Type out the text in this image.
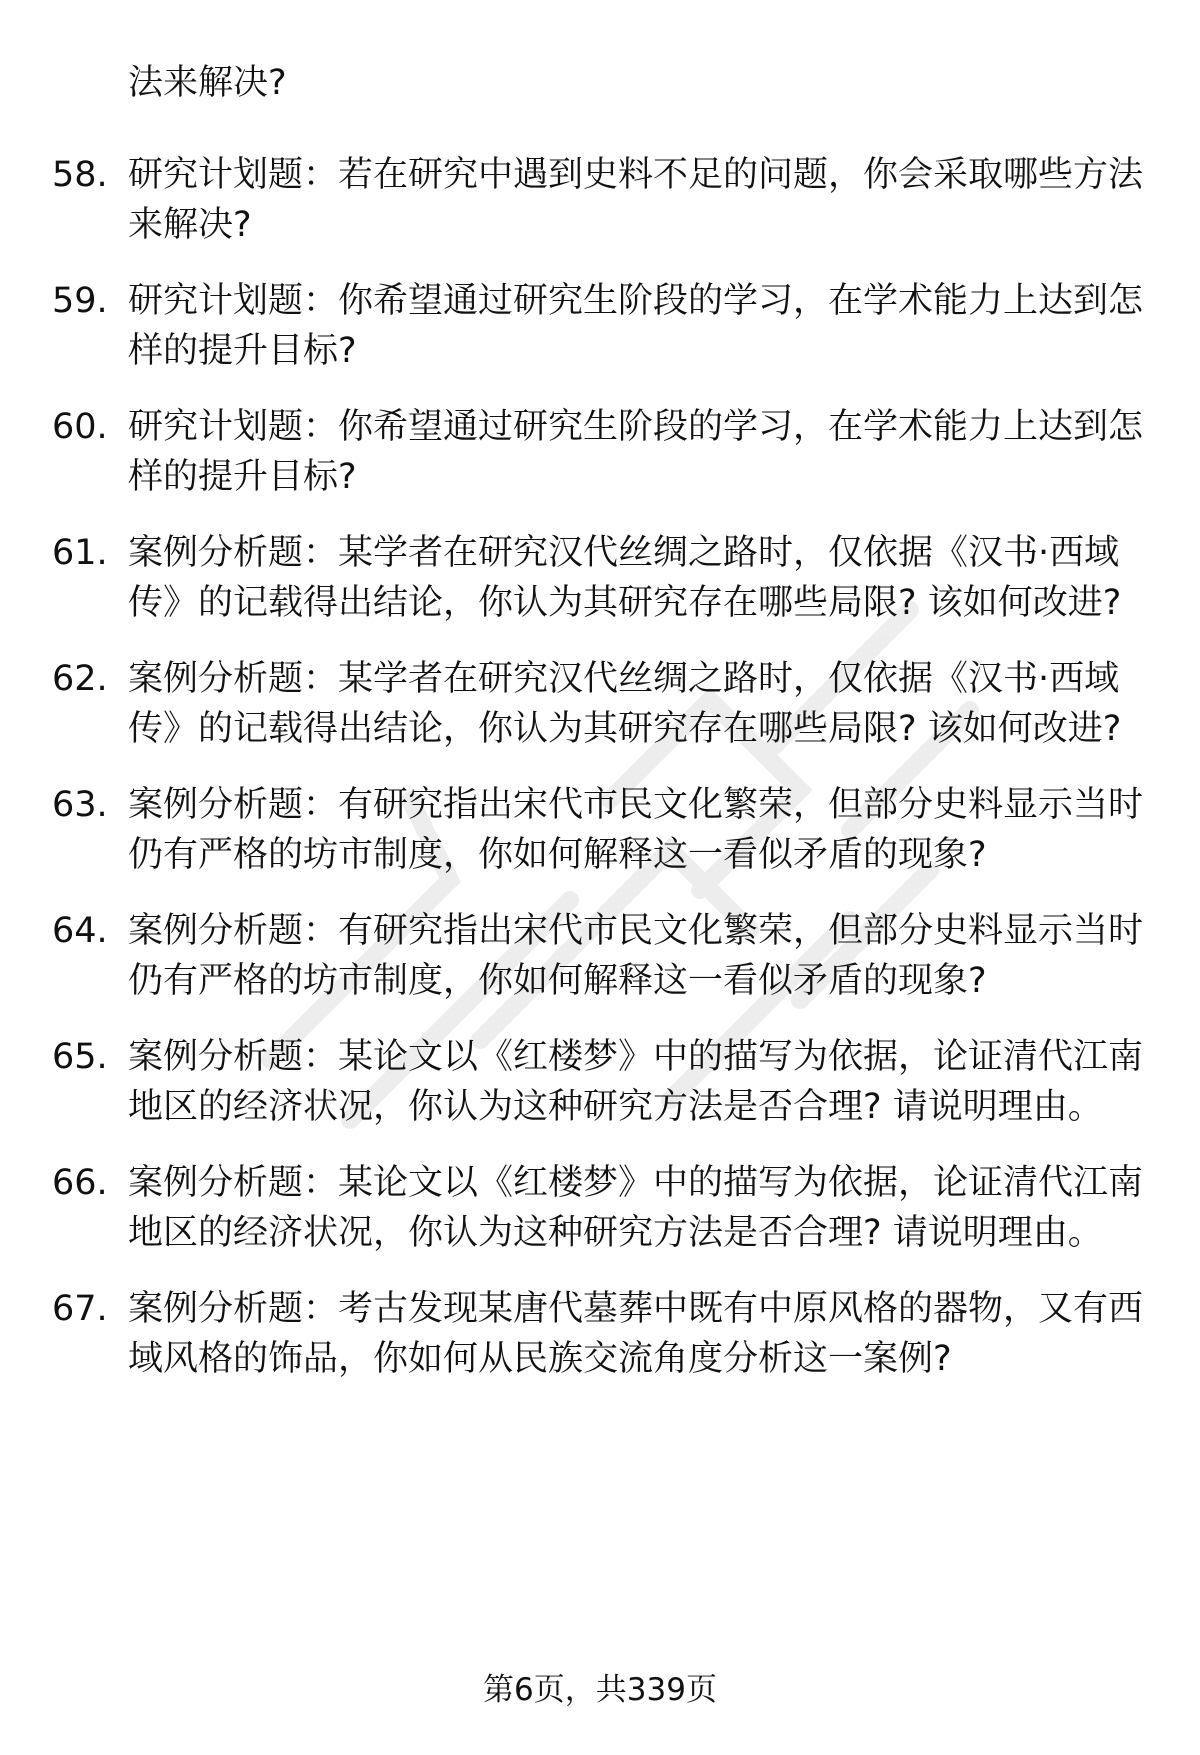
法来解决?
58. 研究计划题：若在研究中遇到史料不足的问题，你会采取哪些方法来解决?
59. 研究计划题：你希望通过研究生阶段的学习，在学术能力上达到怎样的提升目标?
60. 研究计划题：你希望通过研究生阶段的学习，在学术能力上达到怎样的提升目标?
61. 案例分析题：某学者在研究汉代丝绸之路时，仅依据《汉书·西域传》的记载得出结论，你认为其研究存在哪些局限? 该如何改进?
62. 案例分析题：某学者在研究汉代丝绸之路时，仅依据《汉书·西域传》的记载得出结论，你认为其研究存在哪些局限? 该如何改进?
63. 案例分析题：有研究指出宋代市民文化繁荣，但部分史料显示当时仍有严格的坊市制度，你如何解释这一看似矛盾的现象?
64. 案例分析题：有研究指出宋代市民文化繁荣，但部分史料显示当时仍有严格的坊市制度，你如何解释这一看似矛盾的现象?
65. 案例分析题：某论文以《红楼梦》中的描写为依据，论证清代江南地区的经济状况，你认为这种研究方法是否合理? 请说明理由。
66. 案例分析题：某论文以《红楼梦》中的描写为依据，论证清代江南地区的经济状况，你认为这种研究方法是否合理? 请说明理由。
67. 案例分析题：考古发现某唐代墓葬中既有中原风格的器物，又有西域风格的饰品，你如何从民族交流角度分析这一案例?
第6页，共339页
